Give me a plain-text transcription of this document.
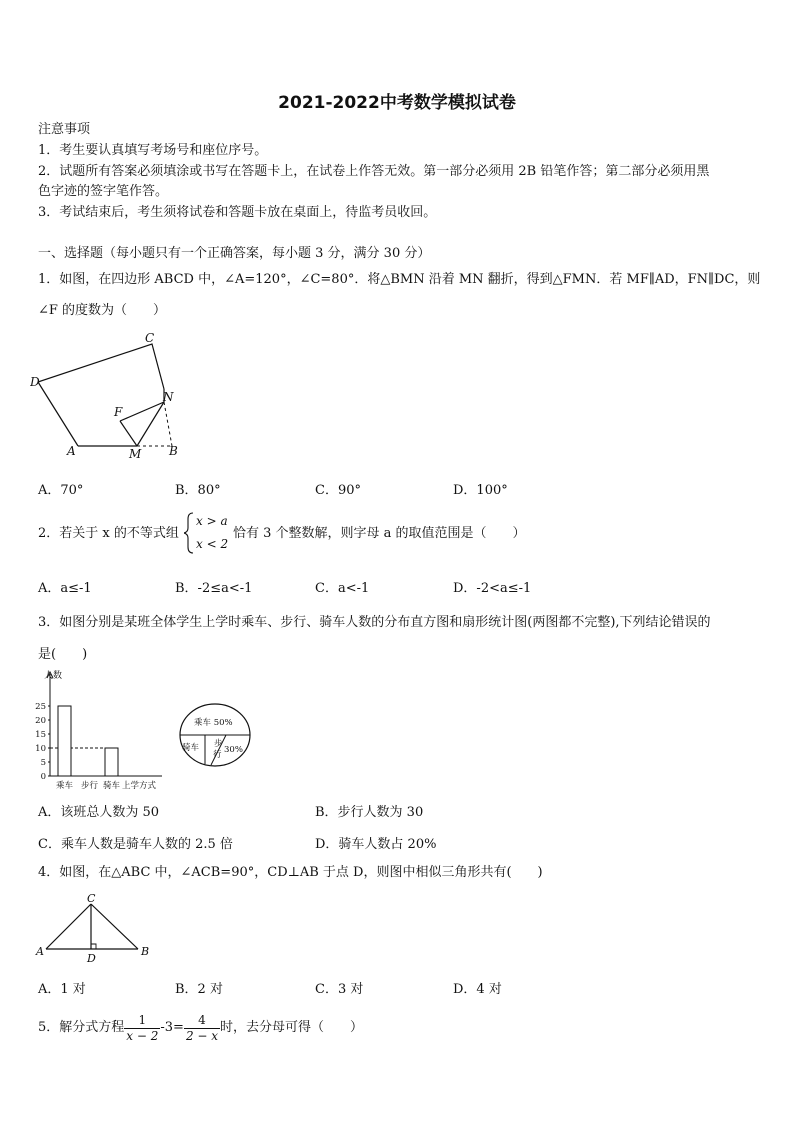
2021-2022中考数学模拟试卷
注意事项
1．考生要认真填写考场号和座位序号。
2．试题所有答案必须填涂或书写在答题卡上，在试卷上作答无效。第一部分必须用 2B 铅笔作答；第二部分必须用黑
色字迹的签字笔作答。
3．考试结束后，考生须将试卷和答题卡放在桌面上，待监考员收回。
一、选择题（每小题只有一个正确答案，每小题 3 分，满分 30 分）
1．如图，在四边形 ABCD 中，∠A=120°，∠C=80°．将△BMN 沿着 MN 翻折，得到△FMN．若 MF∥AD，FN∥DC，则
∠F 的度数为（　　）
C
D
F
N
A	M B
A．70°	B．80°	C．90°	D．100°
2．若关于 x 的不等式组
x > a
x < 2
恰有 3 个整数解，则字母 a 的取值范围是（　　）
A．a≤-1	B．-2≤a<-1	C．a<-1	D．-2<a≤-1
3．如图分别是某班全体学生上学时乘车、步行、骑车人数的分布直方图和扇形统计图(两图都不完整),下列结论错误的
是(　　)
人数
0
5
10
15
20
25
乘车 步行 骑车 上学方式
乘车 50%
骑车 步
行 30%
A．该班总人数为 50	B．步行人数为 30
C．乘车人数是骑车人数的 2.5 倍	D．骑车人数占 20%
4．如图，在△ABC 中，∠ACB=90°，CD⊥AB 于点 D，则图中相似三角形共有(　　)
C
A	B
D
A．1 对	B．2 对	C．3 对	D．4 对
5．解分式方程 $\frac{1}{x - 2} -3= \frac{4}{2 - x}$ 时，去分母可得（　　）
